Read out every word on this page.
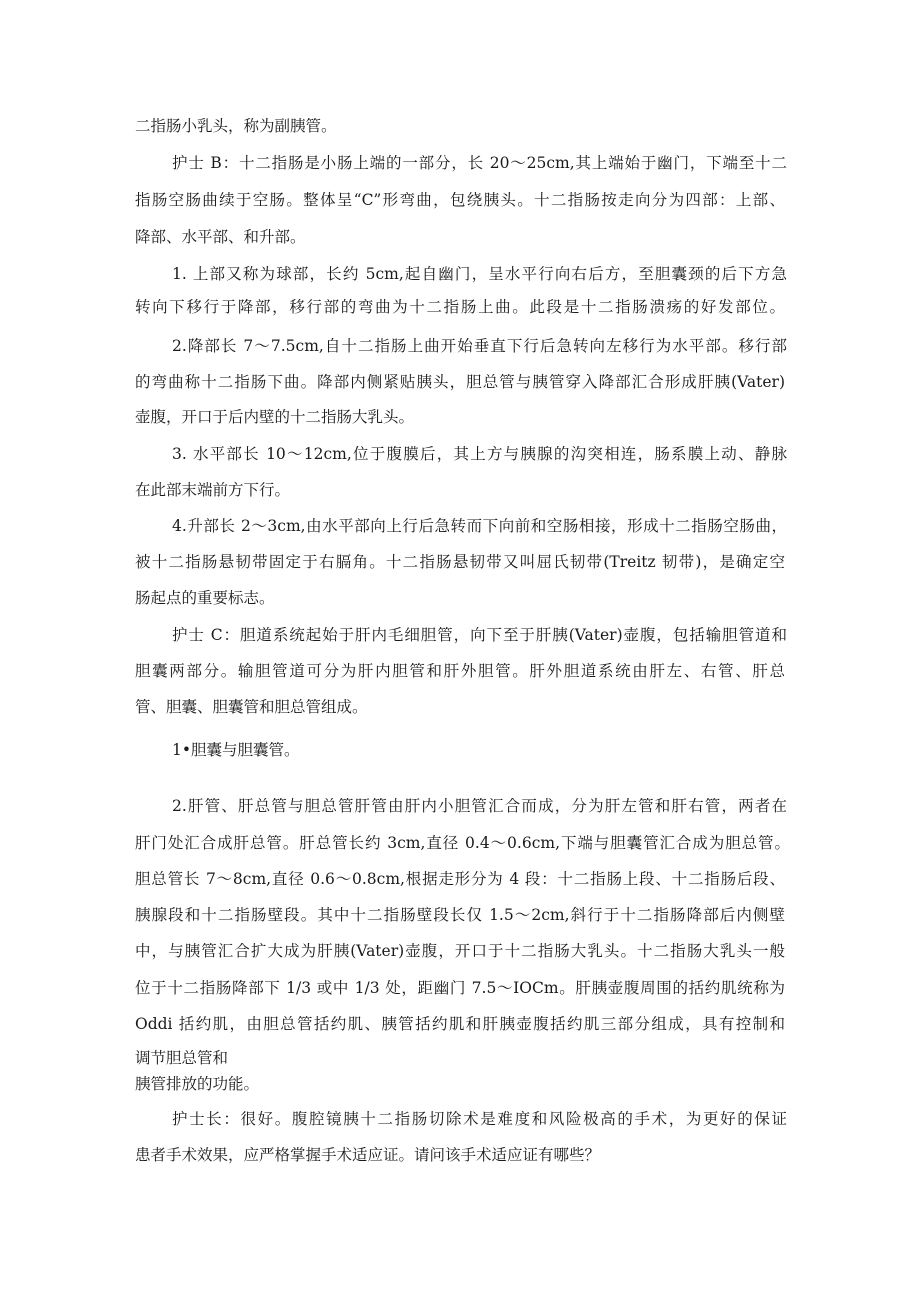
二指肠小乳头，称为副胰管。
护士 B：十二指肠是小肠上端的一部分，长 20～25cm,其上端始于幽门，下端至十二
指肠空肠曲续于空肠。整体呈“C”形弯曲，包绕胰头。十二指肠按走向分为四部：上部、
降部、水平部、和升部。
1. 上部又称为球部，长约 5cm,起自幽门，呈水平行向右后方，至胆囊颈的后下方急
转向下移行于降部，移行部的弯曲为十二指肠上曲。此段是十二指肠溃疡的好发部位。
2.降部长 7～7.5cm,自十二指肠上曲开始垂直下行后急转向左移行为水平部。移行部
的弯曲称十二指肠下曲。降部内侧紧贴胰头，胆总管与胰管穿入降部汇合形成肝胰(Vater)
壶腹，开口于后内壁的十二指肠大乳头。
3. 水平部长 10～12cm,位于腹膜后，其上方与胰腺的沟突相连，肠系膜上动、静脉
在此部末端前方下行。
4.升部长 2～3cm,由水平部向上行后急转而下向前和空肠相接，形成十二指肠空肠曲，
被十二指肠悬韧带固定于右膈角。十二指肠悬韧带又叫屈氏韧带(Treitz 韧带)，是确定空
肠起点的重要标志。
护士 C：胆道系统起始于肝内毛细胆管，向下至于肝胰(Vater)壶腹，包括输胆管道和
胆囊两部分。输胆管道可分为肝内胆管和肝外胆管。肝外胆道系统由肝左、右管、肝总
管、胆囊、胆囊管和胆总管组成。
1•胆囊与胆囊管。
2.肝管、肝总管与胆总管肝管由肝内小胆管汇合而成，分为肝左管和肝右管，两者在
肝门处汇合成肝总管。肝总管长约 3cm,直径 0.4～0.6cm,下端与胆囊管汇合成为胆总管。
胆总管长 7～8cm,直径 0.6～0.8cm,根据走形分为 4 段：十二指肠上段、十二指肠后段、
胰腺段和十二指肠壁段。其中十二指肠壁段长仅 1.5～2cm,斜行于十二指肠降部后内侧壁
中，与胰管汇合扩大成为肝胰(Vater)壶腹，开口于十二指肠大乳头。十二指肠大乳头一般
位于十二指肠降部下 1/3 或中 1/3 处，距幽门 7.5～IOCm。肝胰壶腹周围的括约肌统称为
Oddi 括约肌，由胆总管括约肌、胰管括约肌和肝胰壶腹括约肌三部分组成，具有控制和
调节胆总管和
胰管排放的功能。
护士长：很好。腹腔镜胰十二指肠切除术是难度和风险极高的手术，为更好的保证
患者手术效果，应严格掌握手术适应证。请问该手术适应证有哪些？
